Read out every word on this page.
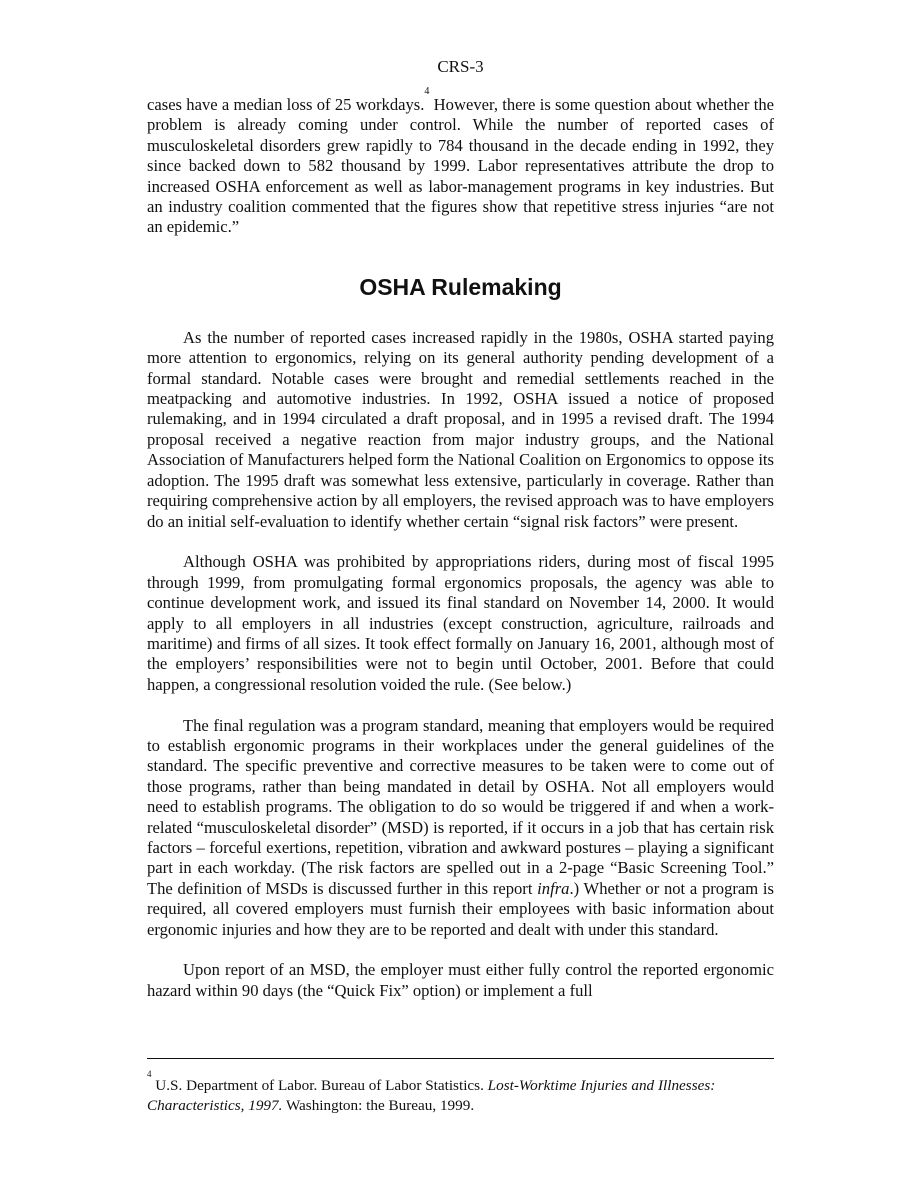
CRS-3

cases have a median loss of 25 workdays.$^4$ However, there is some question about whether the problem is already coming under control. While the number of reported cases of musculoskeletal disorders grew rapidly to 784 thousand in the decade ending in 1992, they since backed down to 582 thousand by 1999. Labor representatives attribute the drop to increased OSHA enforcement as well as labor-management programs in key industries. But an industry coalition commented that the figures show that repetitive stress injuries “are not an epidemic.”

OSHA Rulemaking

As the number of reported cases increased rapidly in the 1980s, OSHA started paying more attention to ergonomics, relying on its general authority pending development of a formal standard. Notable cases were brought and remedial settlements reached in the meatpacking and automotive industries. In 1992, OSHA issued a notice of proposed rulemaking, and in 1994 circulated a draft proposal, and in 1995 a revised draft. The 1994 proposal received a negative reaction from major industry groups, and the National Association of Manufacturers helped form the National Coalition on Ergonomics to oppose its adoption. The 1995 draft was somewhat less extensive, particularly in coverage. Rather than requiring comprehensive action by all employers, the revised approach was to have employers do an initial self-evaluation to identify whether certain “signal risk factors” were present.

Although OSHA was prohibited by appropriations riders, during most of fiscal 1995 through 1999, from promulgating formal ergonomics proposals, the agency was able to continue development work, and issued its final standard on November 14, 2000. It would apply to all employers in all industries (except construction, agriculture, railroads and maritime) and firms of all sizes. It took effect formally on January 16, 2001, although most of the employers’ responsibilities were not to begin until October, 2001. Before that could happen, a congressional resolution voided the rule. (See below.)

The final regulation was a program standard, meaning that employers would be required to establish ergonomic programs in their workplaces under the general guidelines of the standard. The specific preventive and corrective measures to be taken were to come out of those programs, rather than being mandated in detail by OSHA. Not all employers would need to establish programs. The obligation to do so would be triggered if and when a work-related “musculoskeletal disorder” (MSD) is reported, if it occurs in a job that has certain risk factors – forceful exertions, repetition, vibration and awkward postures – playing a significant part in each workday. (The risk factors are spelled out in a 2-page “Basic Screening Tool.” The definition of MSDs is discussed further in this report infra.) Whether or not a program is required, all covered employers must furnish their employees with basic information about ergonomic injuries and how they are to be reported and dealt with under this standard.

Upon report of an MSD, the employer must either fully control the reported ergonomic hazard within 90 days (the “Quick Fix” option) or implement a full

$^4$ U.S. Department of Labor. Bureau of Labor Statistics. Lost-Worktime Injuries and Illnesses: Characteristics, 1997. Washington: the Bureau, 1999.
